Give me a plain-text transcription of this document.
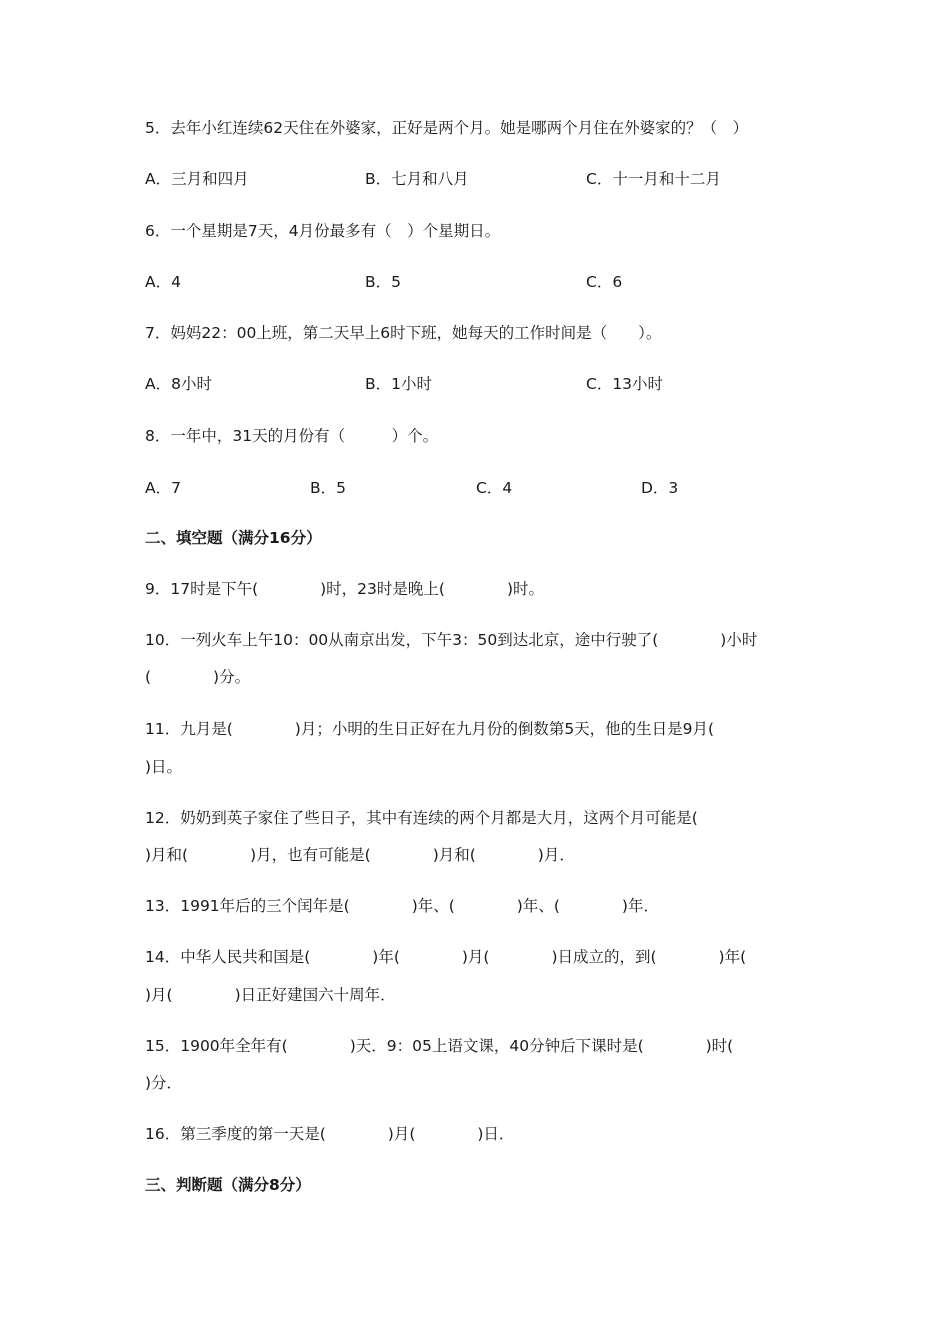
5．去年小红连续62天住在外婆家，正好是两个月。她是哪两个月住在外婆家的？（　）
A．三月和四月	B．七月和八月	C．十一月和十二月
6．一个星期是7天，4月份最多有（　）个星期日。
A．4	B．5	C．6
7．妈妈22：00上班，第二天早上6时下班，她每天的工作时间是（　　）。
A．8小时	B．1小时	C．13小时
8．一年中，31天的月份有（　　　）个。
A．7	B．5	C．4	D．3
二、填空题（满分16分）
9．17时是下午(　　　　)时，23时是晚上(　　　　)时。
10．一列火车上午10：00从南京出发，下午3：50到达北京，途中行驶了(　　　　)小时
(　　　　)分。
11．九月是(　　　　)月；小明的生日正好在九月份的倒数第5天，他的生日是9月(
)日。
12．奶奶到英子家住了些日子，其中有连续的两个月都是大月，这两个月可能是(
)月和(　　　　)月，也有可能是(　　　　)月和(　　　　)月．
13．1991年后的三个闰年是(　　　　)年、(　　　　)年、(　　　　)年．
14．中华人民共和国是(　　　　)年(　　　　)月(　　　　)日成立的，到(　　　　)年(
)月(　　　　)日正好建国六十周年．
15．1900年全年有(　　　　)天．9：05上语文课，40分钟后下课时是(　　　　)时(
)分．
16．第三季度的第一天是(　　　　)月(　　　　)日．
三、判断题（满分8分）
